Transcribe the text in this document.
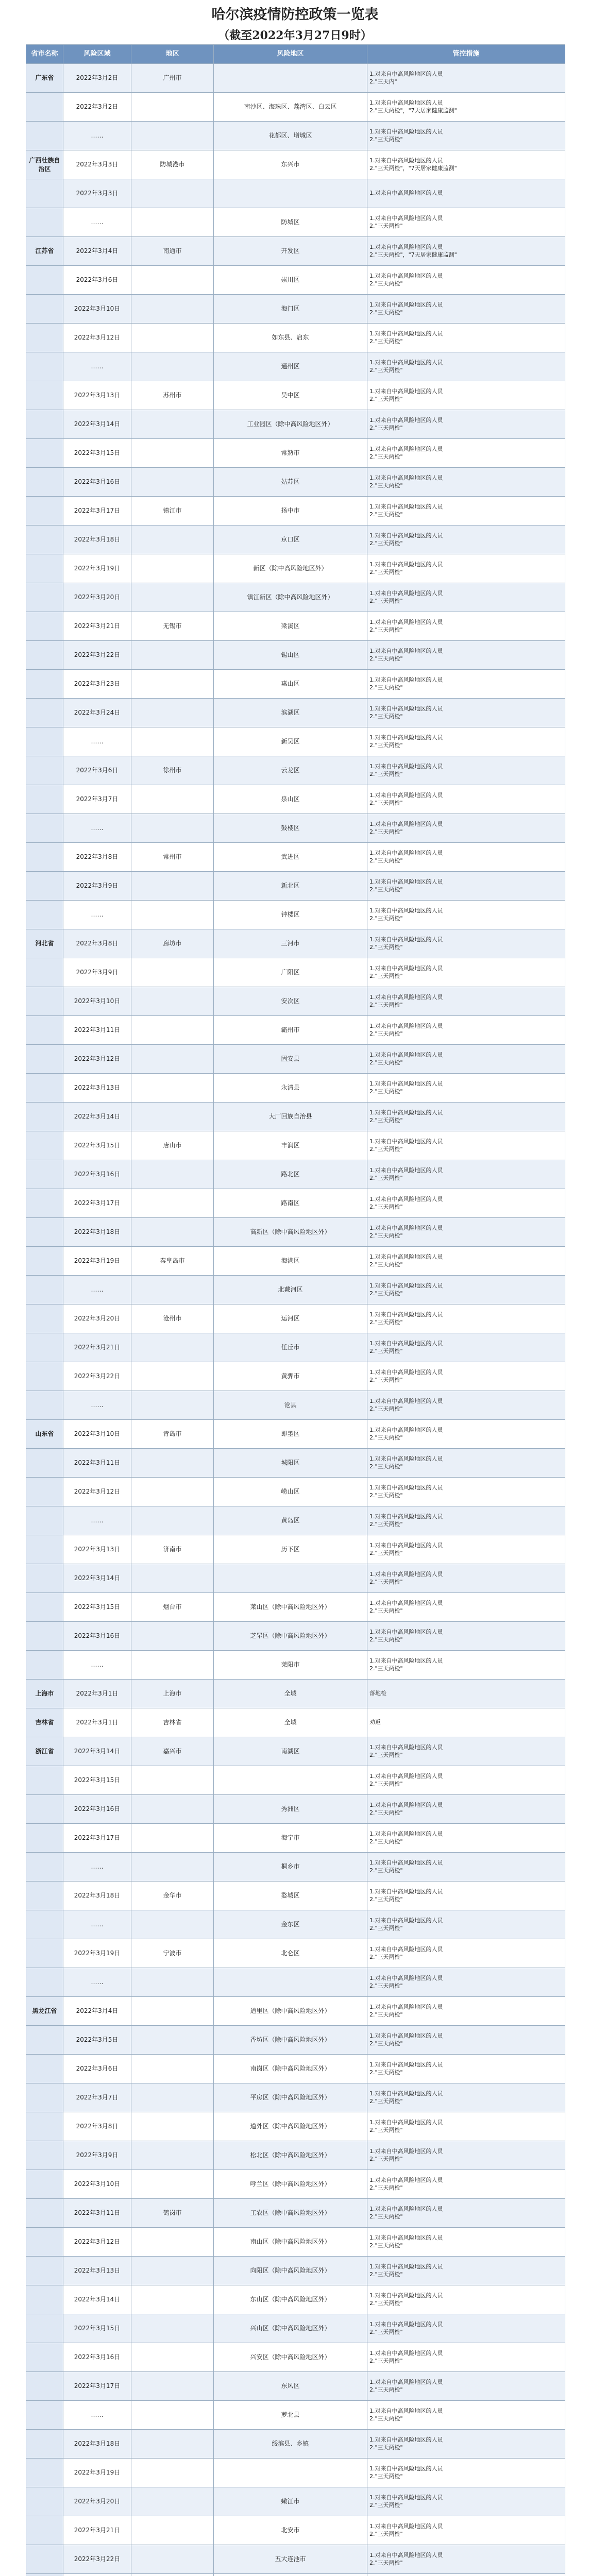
哈尔滨疫情防控政策一览表
（截至2022年3月27日9时）
省市名称	风险区域	地区	风险地区	管控措施
广东省	2022年3月2日	广州市		1.对来自中高风险地区的人员
2."三天内"
	2022年3月2日		南沙区、海珠区、荔湾区、白云区	1.对来自中高风险地区的人员
2."三天两检"，"7天居家健康监测"
	……		花都区、增城区	1.对来自中高风险地区的人员
2."三天两检"
广西壮族自治区	2022年3月3日	防城港市	东兴市	1.对来自中高风险地区的人员
2."三天两检"，"7天居家健康监测"
	2022年3月3日			1.对来自中高风险地区的人员
	……		防城区	1.对来自中高风险地区的人员
2."三天两检"
江苏省	2022年3月4日	南通市	开发区	1.对来自中高风险地区的人员
2."三天两检"，"7天居家健康监测"
	2022年3月6日		崇川区	1.对来自中高风险地区的人员
2."三天两检"
	2022年3月10日		海门区	1.对来自中高风险地区的人员
2."三天两检"
	2022年3月12日		如东县、启东	1.对来自中高风险地区的人员
2."三天两检"
	……		通州区	1.对来自中高风险地区的人员
2."三天两检"
	2022年3月13日	苏州市	吴中区	1.对来自中高风险地区的人员
2."三天两检"
	2022年3月14日		工业园区（除中高风险地区外）	1.对来自中高风险地区的人员
2."三天两检"
	2022年3月15日		常熟市	1.对来自中高风险地区的人员
2."三天两检"
	2022年3月16日		姑苏区	1.对来自中高风险地区的人员
2."三天两检"
	2022年3月17日	镇江市	扬中市	1.对来自中高风险地区的人员
2."三天两检"
	2022年3月18日		京口区	1.对来自中高风险地区的人员
2."三天两检"
	2022年3月19日		新区（除中高风险地区外）	1.对来自中高风险地区的人员
2."三天两检"
	2022年3月20日		镇江新区（除中高风险地区外）	1.对来自中高风险地区的人员
2."三天两检"
	2022年3月21日	无锡市	梁溪区	1.对来自中高风险地区的人员
2."三天两检"
	2022年3月22日		锡山区	1.对来自中高风险地区的人员
2."三天两检"
	2022年3月23日		惠山区	1.对来自中高风险地区的人员
2."三天两检"
	2022年3月24日		滨湖区	1.对来自中高风险地区的人员
2."三天两检"
	……		新吴区	1.对来自中高风险地区的人员
2."三天两检"
	2022年3月6日	徐州市	云龙区	1.对来自中高风险地区的人员
2."三天两检"
	2022年3月7日		泉山区	1.对来自中高风险地区的人员
2."三天两检"
	……		鼓楼区	1.对来自中高风险地区的人员
2."三天两检"
	2022年3月8日	常州市	武进区	1.对来自中高风险地区的人员
2."三天两检"
	2022年3月9日		新北区	1.对来自中高风险地区的人员
2."三天两检"
	……		钟楼区	1.对来自中高风险地区的人员
2."三天两检"
河北省	2022年3月8日	廊坊市	三河市	1.对来自中高风险地区的人员
2."三天两检"
	2022年3月9日		广阳区	1.对来自中高风险地区的人员
2."三天两检"
	2022年3月10日		安次区	1.对来自中高风险地区的人员
2."三天两检"
	2022年3月11日		霸州市	1.对来自中高风险地区的人员
2."三天两检"
	2022年3月12日		固安县	1.对来自中高风险地区的人员
2."三天两检"
	2022年3月13日		永清县	1.对来自中高风险地区的人员
2."三天两检"
	2022年3月14日		大厂回族自治县	1.对来自中高风险地区的人员
2."三天两检"
	2022年3月15日	唐山市	丰润区	1.对来自中高风险地区的人员
2."三天两检"
	2022年3月16日		路北区	1.对来自中高风险地区的人员
2."三天两检"
	2022年3月17日		路南区	1.对来自中高风险地区的人员
2."三天两检"
	2022年3月18日		高新区（除中高风险地区外）	1.对来自中高风险地区的人员
2."三天两检"
	2022年3月19日	秦皇岛市	海港区	1.对来自中高风险地区的人员
2."三天两检"
	……		北戴河区	1.对来自中高风险地区的人员
2."三天两检"
	2022年3月20日	沧州市	运河区	1.对来自中高风险地区的人员
2."三天两检"
	2022年3月21日		任丘市	1.对来自中高风险地区的人员
2."三天两检"
	2022年3月22日		黄骅市	1.对来自中高风险地区的人员
2."三天两检"
	……		沧县	1.对来自中高风险地区的人员
2."三天两检"
山东省	2022年3月10日	青岛市	即墨区	1.对来自中高风险地区的人员
2."三天两检"
	2022年3月11日		城阳区	1.对来自中高风险地区的人员
2."三天两检"
	2022年3月12日		崂山区	1.对来自中高风险地区的人员
2."三天两检"
	……		黄岛区	1.对来自中高风险地区的人员
2."三天两检"
	2022年3月13日	济南市	历下区	1.对来自中高风险地区的人员
2."三天两检"
	2022年3月14日			1.对来自中高风险地区的人员
2."三天两检"
	2022年3月15日	烟台市	莱山区（除中高风险地区外）	1.对来自中高风险地区的人员
2."三天两检"
	2022年3月16日		芝罘区（除中高风险地区外）	1.对来自中高风险地区的人员
2."三天两检"
	……		莱阳市	1.对来自中高风险地区的人员
2."三天两检"
上海市	2022年3月1日	上海市	全域	落地检
吉林省	2022年3月1日	吉林省	全域	劝返
浙江省	2022年3月14日	嘉兴市	南湖区	1.对来自中高风险地区的人员
2."三天两检"
	2022年3月15日			1.对来自中高风险地区的人员
2."三天两检"
	2022年3月16日		秀洲区	1.对来自中高风险地区的人员
2."三天两检"
	2022年3月17日		海宁市	1.对来自中高风险地区的人员
2."三天两检"
	……		桐乡市	1.对来自中高风险地区的人员
2."三天两检"
	2022年3月18日	金华市	婺城区	1.对来自中高风险地区的人员
2."三天两检"
	……		金东区	1.对来自中高风险地区的人员
2."三天两检"
	2022年3月19日	宁波市	北仑区	1.对来自中高风险地区的人员
2."三天两检"
	……			1.对来自中高风险地区的人员
2."三天两检"
黑龙江省	2022年3月4日		道里区（除中高风险地区外）	1.对来自中高风险地区的人员
2."三天两检"
	2022年3月5日		香坊区（除中高风险地区外）	1.对来自中高风险地区的人员
2."三天两检"
	2022年3月6日		南岗区（除中高风险地区外）	1.对来自中高风险地区的人员
2."三天两检"
	2022年3月7日		平房区（除中高风险地区外）	1.对来自中高风险地区的人员
2."三天两检"
	2022年3月8日		道外区（除中高风险地区外）	1.对来自中高风险地区的人员
2."三天两检"
	2022年3月9日		松北区（除中高风险地区外）	1.对来自中高风险地区的人员
2."三天两检"
	2022年3月10日		呼兰区（除中高风险地区外）	1.对来自中高风险地区的人员
2."三天两检"
	2022年3月11日	鹤岗市	工农区（除中高风险地区外）	1.对来自中高风险地区的人员
2."三天两检"
	2022年3月12日		南山区（除中高风险地区外）	1.对来自中高风险地区的人员
2."三天两检"
	2022年3月13日		向阳区（除中高风险地区外）	1.对来自中高风险地区的人员
2."三天两检"
	2022年3月14日		东山区（除中高风险地区外）	1.对来自中高风险地区的人员
2."三天两检"
	2022年3月15日		兴山区（除中高风险地区外）	1.对来自中高风险地区的人员
2."三天两检"
	2022年3月16日		兴安区（除中高风险地区外）	1.对来自中高风险地区的人员
2."三天两检"
	2022年3月17日		东风区	1.对来自中高风险地区的人员
2."三天两检"
	……		萝北县	1.对来自中高风险地区的人员
2."三天两检"
	2022年3月18日		绥滨县、乡镇	1.对来自中高风险地区的人员
2."三天两检"
	2022年3月19日			1.对来自中高风险地区的人员
2."三天两检"
	2022年3月20日		嫩江市	1.对来自中高风险地区的人员
2."三天两检"
	2022年3月21日		北安市	1.对来自中高风险地区的人员
2."三天两检"
	2022年3月22日		五大连池市	1.对来自中高风险地区的人员
2."三天两检"
